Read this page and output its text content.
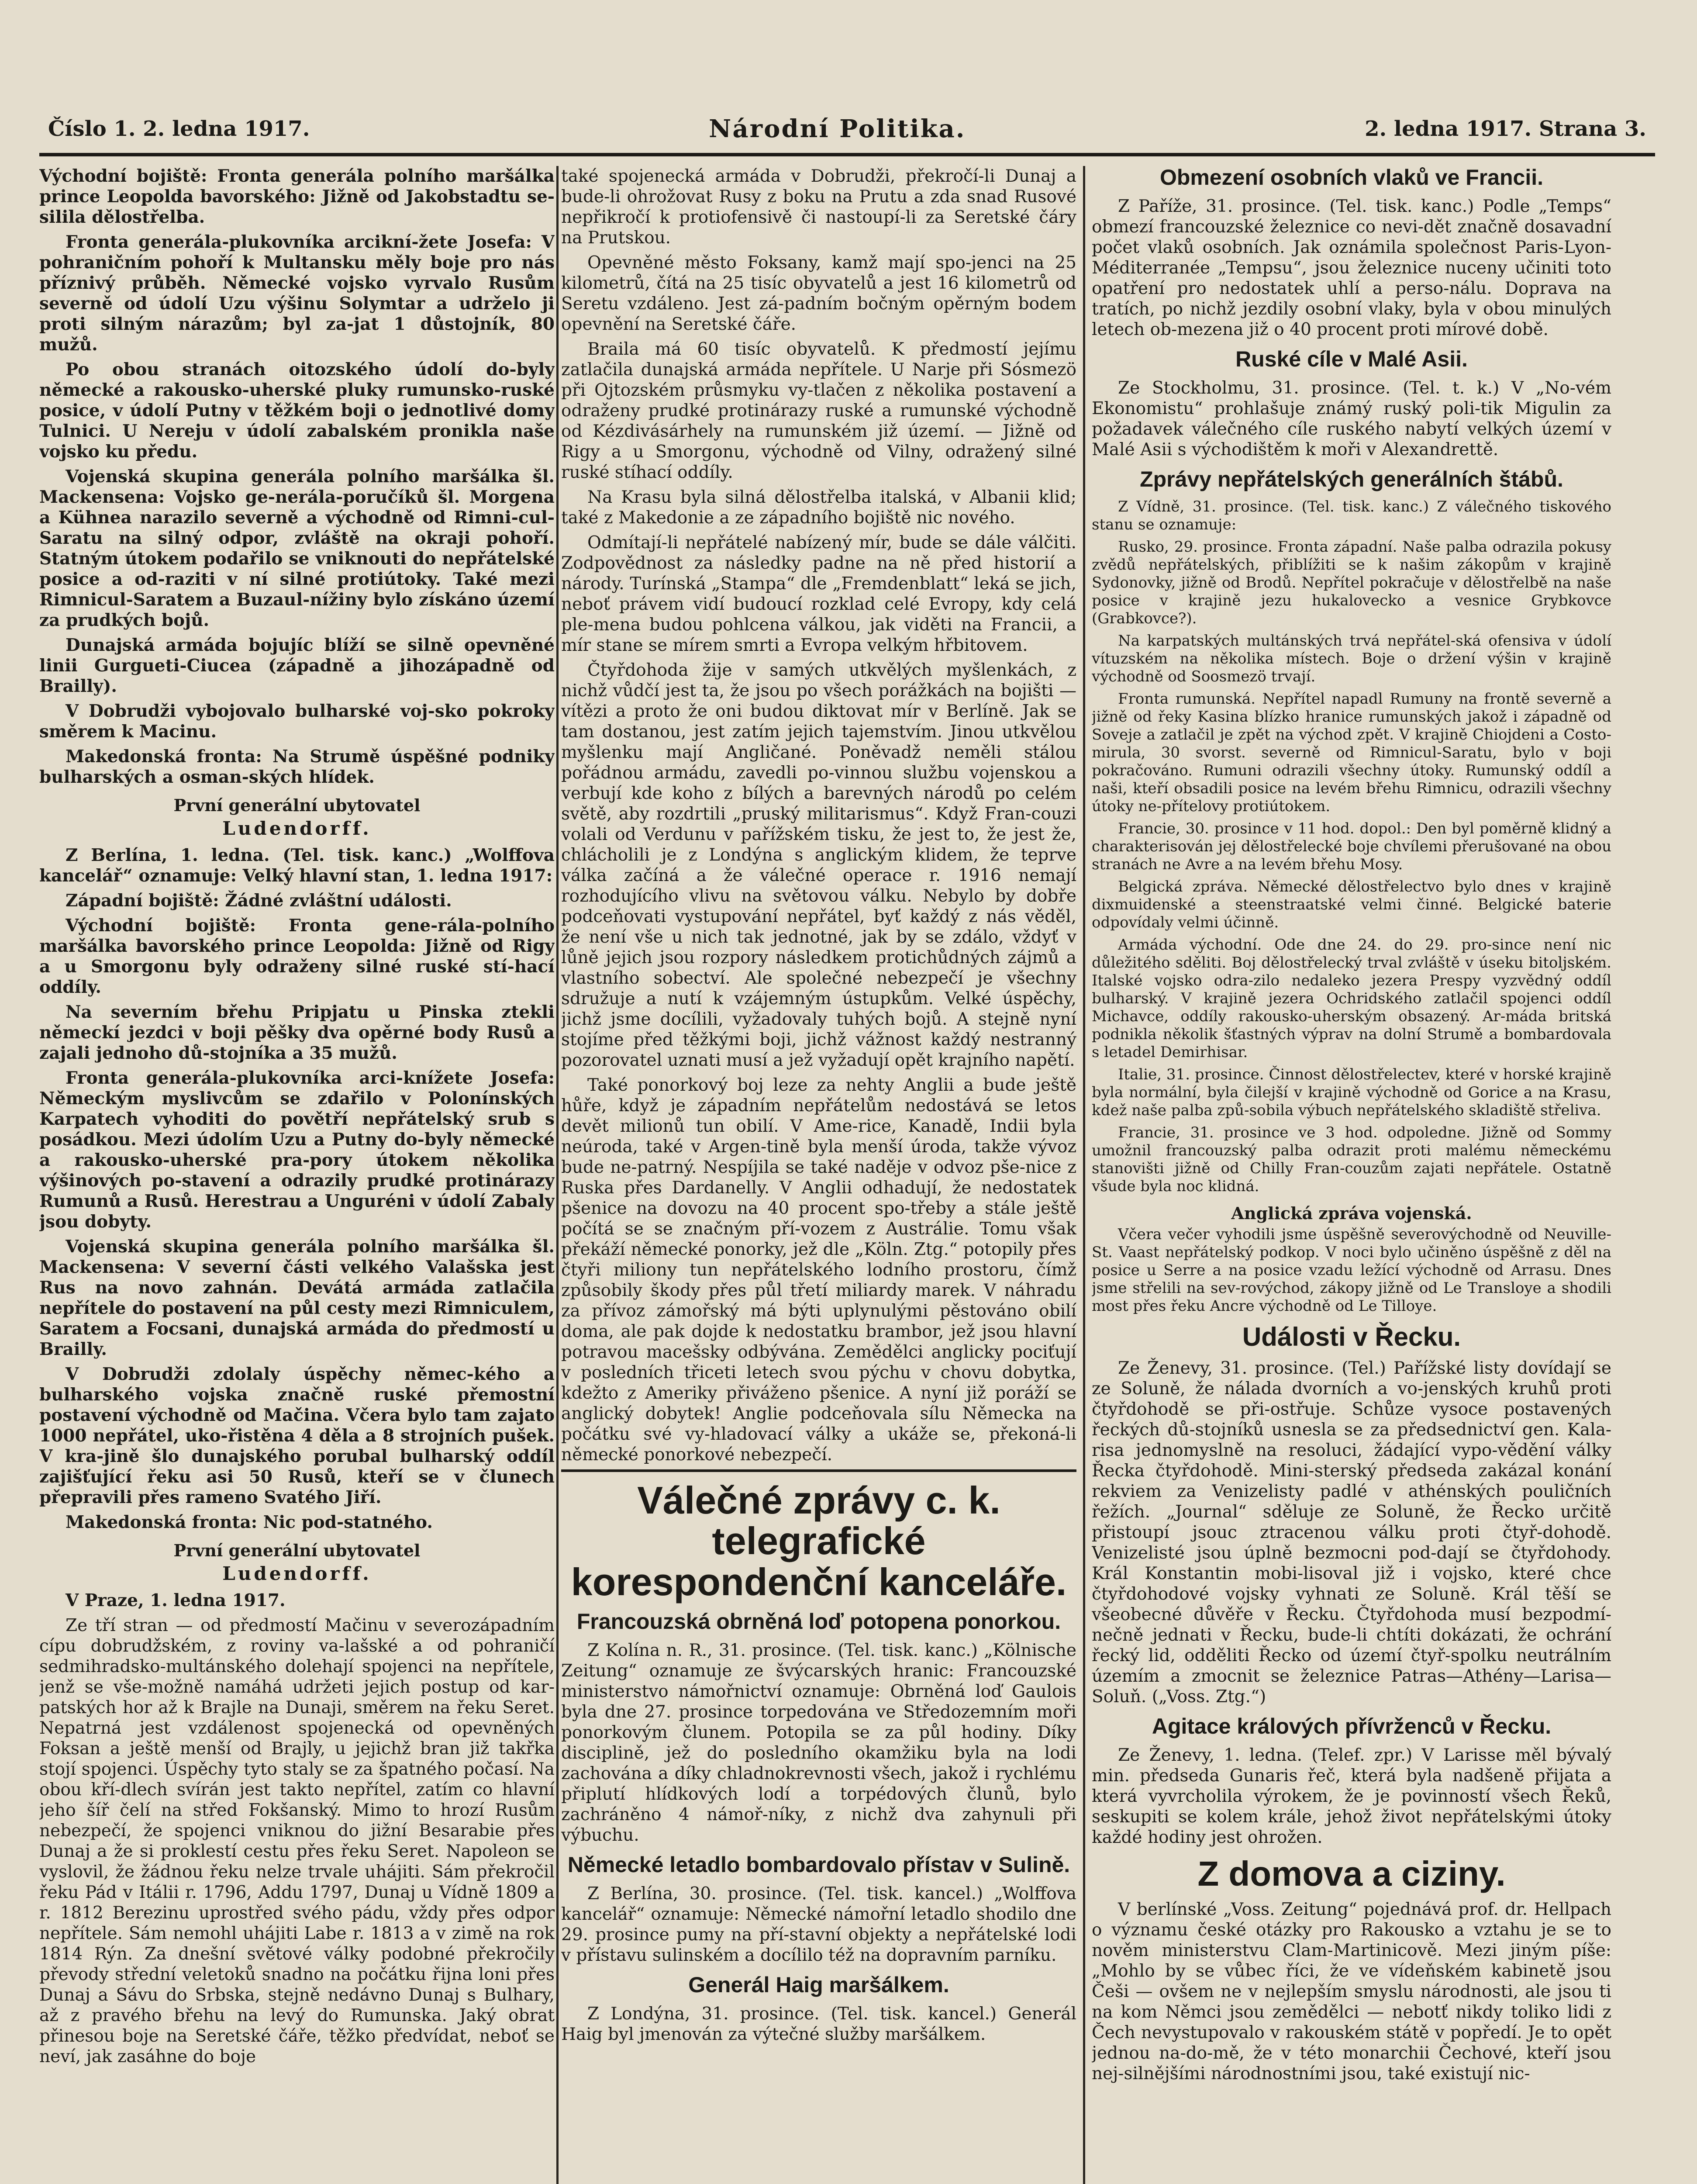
Číslo 1. 2. ledna 1917.	Národní Politika.	2. ledna 1917. Strana 3.

Východní bojiště: Fronta generála polního maršálka prince Leopolda bavorského: Jižně od Jakobstadtu se-silila dělostřelba.

Fronta generála-plukovníka arcikní-žete Josefa: V pohraničním pohoří k Multansku měly boje pro nás příznivý průběh. Německé vojsko vyrvalo Rusům severně od údolí Uzu výšinu Solymtar a udrželo ji proti silným nárazům; byl za-jat 1 důstojník, 80 mužů.

Po obou stranách oitozského údolí do-byly německé a rakousko-uherské pluky rumunsko-ruské posice, v údolí Putny v těžkém boji o jednotlivé domy Tulnici. U Nereju v údolí zabalském pronikla naše vojsko ku předu.

Vojenská skupina generála polního maršálka šl. Mackensena: Vojsko ge-nerála-poručíků šl. Morgena a Kühnea narazilo severně a východně od Rimni-cul-Saratu na silný odpor, zvláště na okraji pohoří. Statným útokem podařilo se vniknouti do nepřátelské posice a od-raziti v ní silné protiútoky. Také mezi Rimnicul-Saratem a Buzaul-nížiny bylo získáno území za prudkých bojů.

Dunajská armáda bojujíc blíží se silně opevněné linii Gurgueti-Ciucea (západně a jihozápadně od Brailly).

V Dobrudži vybojovalo bulharské voj-sko pokroky směrem k Macinu.

Makedonská fronta: Na Strumě úspěšné podniky bulharských a osman-ských hlídek.

První generální ubytovatel
Ludendorff.

Z Berlína, 1. ledna. (Tel. tisk. kanc.) „Wolffova kancelář“ oznamuje: Velký hlavní stan, 1. ledna 1917:

Západní bojiště: Žádné zvláštní události.

Východní bojiště: Fronta gene-rála-polního maršálka bavorského prince Leopolda: Jižně od Rigy a u Smorgonu byly odraženy silné ruské stí-hací oddíly.

Na severním břehu Pripjatu u Pinska ztekli německí jezdci v boji pěšky dva opěrné body Rusů a zajali jednoho dů-stojníka a 35 mužů.

Fronta generála-plukovníka arci-knížete Josefa: Německým myslivcům se zdařilo v Polonínských Karpatech vyhoditi do povětří nepřátelský srub s posádkou. Mezi údolím Uzu a Putny do-byly německé a rakousko-uherské pra-pory útokem několika výšinových po-stavení a odrazily prudké protinárazy Rumunů a Rusů. Herestrau a Unguréni v údolí Zabaly jsou dobyty.

Vojenská skupina generála polního maršálka šl. Mackensena: V severní části velkého Valašska jest Rus na novo zahnán. Devátá armáda zatlačila nepřítele do postavení na půl cesty mezi Rimniculem, Saratem a Focsani, dunajská armáda do předmostí u Brailly.

V Dobrudži zdolaly úspěchy němec-kého a bulharského vojska značně ruské přemostní postavení východně od Mačina. Včera bylo tam zajato 1000 nepřátel, uko-řistěna 4 děla a 8 strojních pušek. V kra-jině šlo dunajského porubal bulharský oddíl zajišťující řeku asi 50 Rusů, kteří se v člunech přepravili přes rameno Svatého Jiří.

Makedonská fronta: Nic pod-statného.

První generální ubytovatel
Ludendorff.

V Praze, 1. ledna 1917.

Ze tří stran — od předmostí Mačinu v severozápadním cípu dobrudžském, z roviny va-lašské a od pohraničí sedmihradsko-multánského dolehají spojenci na nepřítele, jenž se vše-možně namáhá udržeti jejich postup od kar-patských hor až k Brajle na Dunaji, směrem na řeku Seret. Nepatrná jest vzdálenost spojenecká od opevněných Foksan a ještě menší od Brajly, u jejichž bran již takřka stojí spojenci. Úspěchy tyto staly se za špatného počasí. Na obou kří-dlech svírán jest takto nepřítel, zatím co hlavní jeho šíř čelí na střed Fokšanský. Mimo to hrozí Rusům nebezpečí, že spojenci vniknou do jižní Besarabie přes Dunaj a že si proklestí cestu přes řeku Seret. Napoleon se vyslovil, že žádnou řeku nelze trvale uhájiti. Sám překročil řeku Pád v Itálii r. 1796, Addu 1797, Dunaj u Vídně 1809 a r. 1812 Berezinu uprostřed svého pádu, vždy přes odpor nepřítele. Sám nemohl uhájiti Labe r. 1813 a v zimě na rok 1814 Rýn. Za dnešní světové války podobné překročily převody střední veletoků snadno na počátku řijna loni přes Dunaj a Sávu do Srbska, stejně nedávno Dunaj s Bulhary, až z pravého břehu na levý do Rumunska. Jaký obrat přinesou boje na Seretské čáře, těžko předvídat, neboť se neví, jak zasáhne do boje

také spojenecká armáda v Dobrudži, překročí-li Dunaj a bude-li ohrožovat Rusy z boku na Prutu a zda snad Rusové nepřikročí k protiofensivě či nastoupí-li za Seretské čáry na Prutskou.

Opevněné město Foksany, kamž mají spo-jenci na 25 kilometrů, čítá na 25 tisíc obyvatelů a jest 16 kilometrů od Seretu vzdáleno. Jest zá-padním bočným opěrným bodem opevnění na Seretské čáře.

Braila má 60 tisíc obyvatelů. K předmostí jejímu zatlačila dunajská armáda nepřítele. U Narje při Sósmezö při Ojtozském průsmyku vy-tlačen z několika postavení a odraženy prudké protinárazy ruské a rumunské východně od Kézdivásárhely na rumunském již území. — Jižně od Rigy a u Smorgonu, východně od Vilny, odražený silné ruské stíhací oddíly.

Na Krasu byla silná dělostřelba italská, v Albanii klid; také z Makedonie a ze západního bojiště nic nového.

Odmítají-li nepřátelé nabízený mír, bude se dále válčiti. Zodpovědnost za následky padne na ně před historií a národy. Turínská „Stampa“ dle „Fremdenblatt“ leká se jich, neboť právem vidí budoucí rozklad celé Evropy, kdy celá ple-mena budou pohlcena válkou, jak viděti na Francii, a mír stane se mírem smrti a Evropa velkým hřbitovem.

Čtyřdohoda žije v samých utkvělých myšlenkách, z nichž vůdčí jest ta, že jsou po všech porážkách na bojišti — vítězi a proto že oni budou diktovat mír v Berlíně. Jak se tam dostanou, jest zatím jejich tajemstvím. Jinou utkvělou myšlenku mají Angličané. Poněvadž neměli stálou pořádnou armádu, zavedli po-vinnou službu vojenskou a verbují kde koho z bílých a barevných národů po celém světě, aby rozdrtili „pruský militarismus“. Když Fran-couzi volali od Verdunu v pařížském tisku, že jest to, že jest že, chlácholili je z Londýna s anglickým klidem, že teprve válka začíná a že válečné operace r. 1916 nemají rozhodujícího vlivu na světovou válku. Nebylo by dobře podceňovati vystupování nepřátel, byť každý z nás věděl, že není vše u nich tak jednotné, jak by se zdálo, vždyť v lůně jejich jsou rozpory následkem protichůdných zájmů a vlastního sobectví. Ale společné nebezpečí je všechny sdružuje a nutí k vzájemným ústupkům. Velké úspěchy, jichž jsme docílili, vyžadovaly tuhých bojů. A stejně nyní stojíme před těžkými boji, jichž vážnost každý nestranný pozorovatel uznati musí a jež vyžadují opět krajního napětí.

Také ponorkový boj leze za nehty Anglii a bude ještě hůře, když je západním nepřátelům nedostává se letos devět milionů tun obilí. V Ame-rice, Kanadě, Indii byla neúroda, také v Argen-tině byla menší úroda, takže vývoz bude ne-patrný. Nespíjila se také naděje v odvoz pše-nice z Ruska přes Dardanelly. V Anglii odhadují, že nedostatek pšenice na dovozu na 40 procent spo-třeby a stále ještě počítá se se značným pří-vozem z Austrálie. Tomu však překáží německé ponorky, jež dle „Köln. Ztg.“ potopily přes čtyři miliony tun nepřátelského lodního prostoru, čímž způsobily škody přes půl třetí miliardy marek. V náhradu za přívoz zámořský má býti uplynulými pěstováno obilí doma, ale pak dojde k nedostatku brambor, jež jsou hlavní potravou macešsky odbývána. Zemědělci anglicky pociťují v posledních třiceti letech svou pýchu v chovu dobytka, kdežto z Ameriky přiváženo pšenice. A nyní již poráží se anglický dobytek! Anglie podceňovala sílu Německa na počátku své vy-hladovací války a ukáže se, překoná-li německé ponorkové nebezpečí.

Válečné zprávy c. k. telegrafické korespondenční kanceláře.
Francouzská obrněná loď potopena ponorkou.

Z Kolína n. R., 31. prosince. (Tel. tisk. kanc.) „Kölnische Zeitung“ oznamuje ze švýcarských hranic: Francouzské ministerstvo námořnictví oznamuje: Obrněná loď Gaulois byla dne 27. prosince torpedována ve Středozemním moři ponorkovým člunem. Potopila se za půl hodiny. Díky disciplině, jež do posledního okamžiku byla na lodi zachována a díky chladnokrevnosti všech, jakož i rychlému připlutí hlídkových lodí a torpédových člunů, bylo zachráněno 4 námoř-níky, z nichž dva zahynuli při výbuchu.

Německé letadlo bombardovalo přístav v Sulině.

Z Berlína, 30. prosince. (Tel. tisk. kancel.) „Wolffova kancelář“ oznamuje: Německé námořní letadlo shodilo dne 29. prosince pumy na pří-stavní objekty a nepřátelské lodi v přístavu sulinském a docílilo též na dopravním parníku.

Generál Haig maršálkem.

Z Londýna, 31. prosince. (Tel. tisk. kancel.) Generál Haig byl jmenován za výtečné služby maršálkem.

Obmezení osobních vlaků ve Francii.

Z Paříže, 31. prosince. (Tel. tisk. kanc.) Podle „Temps“ obmezí francouzské železnice co nevi-dět značně dosavadní počet vlaků osobních. Jak oznámila společnost Paris-Lyon-Méditerranée „Tempsu“, jsou železnice nuceny učiniti toto opatření pro nedostatek uhlí a perso-nálu. Doprava na tratích, po nichž jezdily osobní vlaky, byla v obou minulých letech ob-mezena již o 40 procent proti mírové době.

Ruské cíle v Malé Asii.

Ze Stockholmu, 31. prosince. (Tel. t. k.) V „No-vém Ekonomistu“ prohlašuje známý ruský poli-tik Migulin za požadavek válečného cíle ruského nabytí velkých území v Malé Asii s východištěm k moři v Alexandrettě.

Zprávy nepřátelských generálních štábů.

Z Vídně, 31. prosince. (Tel. tisk. kanc.) Z válečného tiskového stanu se oznamuje:

Rusko, 29. prosince. Fronta západní. Naše palba odrazila pokusy zvědů nepřátelských, přiblížiti se k našim zákopům v krajině Sydonovky, jižně od Brodů. Nepřítel pokračuje v dělostřelbě na naše posice v krajině jezu hukalovecko a vesnice Grybkovce (Grabkovce?).

Na karpatských multánských trvá nepřátel-ská ofensiva v údolí vítuzském na několika místech. Boje o držení výšin v krajině východně od Soosmezö trvají.

Fronta rumunská. Nepřítel napadl Rumuny na frontě severně a jižně od řeky Kasina blízko hranice rumunských jakož i západně od Soveje a zatlačil je zpět na východ zpět. V krajině Chiojdeni a Costo-mirula, 30 svorst. severně od Rimnicul-Saratu, bylo v boji pokračováno. Rumuni odrazili všechny útoky. Rumunský oddíl a naši, kteří obsadili posice na levém břehu Rimnicu, odrazili všechny útoky ne-přítelovy protiútokem.

Francie, 30. prosince v 11 hod. dopol.: Den byl poměrně klidný a charakterisován jej dělostřelecké boje chvílemi přerušované na obou stranách ne Avre a na levém břehu Mosy.

Belgická zpráva. Německé dělostřelectvo bylo dnes v krajině dixmuidenské a steenstraatské velmi činné. Belgické baterie odpovídaly velmi účinně.

Armáda východní. Ode dne 24. do 29. pro-since není nic důležitého sděliti. Boj dělostřelecký trval zvláště v úseku bitoljském. Italské vojsko odra-zilo nedaleko jezera Prespy vyzvědný oddíl bulharský. V krajině jezera Ochridského zatlačil spojenci oddíl Michavce, oddíly rakousko-uherským obsazený. Ar-máda britská podnikla několik šťastných výprav na dolní Strumě a bombardovala s letadel Demirhisar.

Italie, 31. prosince. Činnost dělostřelectev, které v horské krajině byla normální, byla čilejší v krajině východně od Gorice a na Krasu, kdež naše palba způ-sobila výbuch nepřátelského skladiště střeliva.

Francie, 31. prosince ve 3 hod. odpoledne. Jižně od Sommy umožnil francouzský palba odrazit proti malému německému stanovišti jižně od Chilly Fran-couzům zajati nepřátele. Ostatně všude byla noc klidná.

Anglická zpráva vojenská.

Včera večer vyhodili jsme úspěšně severovýchodně od Neuville-St. Vaast nepřátelský podkop. V noci bylo učiněno úspěšně z děl na posice u Serre a na posice vzadu ležící východně od Arrasu. Dnes jsme střelili na sev-rovýchod, zákopy jižně od Le Transloye a shodili most přes řeku Ancre východně od Le Tilloye.

Události v Řecku.

Ze Ženevy, 31. prosince. (Tel.) Pařížské listy dovídají se ze Soluně, že nálada dvorních a vo-jenských kruhů proti čtyřdohodě se při-ostřuje. Schůze vysoce postavených řeckých dů-stojníků usnesla se za předsednictví gen. Kala-risa jednomyslně na resoluci, žádající vypo-vědění války Řecka čtyřdohodě. Mini-sterský předseda zakázal konání rekviem za Venizelisty padlé v athénských pouličních řežích. „Journal“ sděluje ze Soluně, že Řecko určitě přistoupí jsouc ztracenou válku proti čtyř-dohodě. Venizelisté jsou úplně bezmocni pod-dají se čtyřdohody. Král Konstantin mobi-lisoval již i vojsko, které chce čtyřdohodové vojsky vyhnati ze Soluně. Král těší se všeobecné důvěře v Řecku. Čtyřdohoda musí bezpodmí-nečně jednati v Řecku, bude-li chtíti dokázati, že ochrání řecký lid, odděliti Řecko od území čtyř-spolku neutrálním územím a zmocnit se železnice Patras—Athény—Larisa—Soluň. („Voss. Ztg.“)

Agitace králových přívrženců v Řecku.

Ze Ženevy, 1. ledna. (Telef. zpr.) V Larisse měl bývalý min. předseda Gunaris řeč, která byla nadšeně přijata a která vyvrcholila výrokem, že je povinností všech Řeků, seskupiti se kolem krále, jehož život nepřátelskými útoky každé hodiny jest ohrožen.

Z domova a ciziny.

V berlínské „Voss. Zeitung“ pojednává prof. dr. Hellpach o významu české otázky pro Rakousko a vztahu je se to nověm ministerstvu Clam-Martinicově. Mezi jiným píše: „Mohlo by se vůbec říci, že ve vídeňském kabinetě jsou Češi — ovšem ne v nejlepším smyslu národnosti, ale jsou ti na kom Němci jsou zemědělci — nebotť nikdy toliko lidi z Čech nevystupovalo v rakouském státě v popředí. Je to opět jednou na-do-mě, že v této monarchii Čechové, kteří jsou nej-silnějšími národnostními jsou, také existují nic-
